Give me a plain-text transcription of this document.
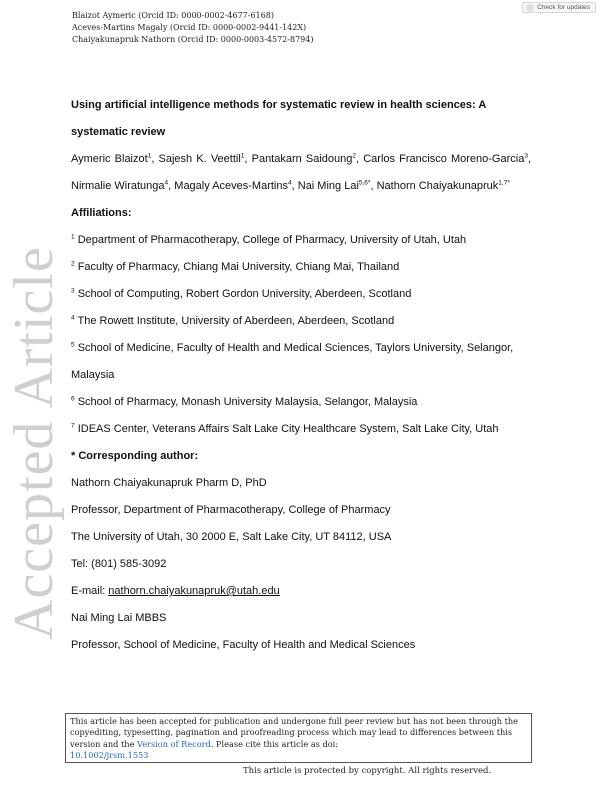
Check for updates
Blaizot Aymeric (Orcid ID: 0000-0002-4677-6168)
Aceves-Martins Magaly (Orcid ID: 0000-0002-9441-142X)
Chaiyakunapruk Nathorn (Orcid ID: 0000-0003-4572-8794)
Accepted Article

Using artificial intelligence methods for systematic review in health sciences: A systematic review

Aymeric Blaizot$^1$, Sajesh K. Veettil$^1$, Pantakarn Saidoung$^2$, Carlos Francisco Moreno-Garcia$^3$, Nirmalie Wiratunga$^4$, Magaly Aceves-Martins$^4$, Nai Ming Lai$^{5,6*}$, Nathorn Chaiyakunapruk$^{1,7*}$

Affiliations:

$^1$ Department of Pharmacotherapy, College of Pharmacy, University of Utah, Utah

$^2$ Faculty of Pharmacy, Chiang Mai University, Chiang Mai, Thailand

$^3$ School of Computing, Robert Gordon University, Aberdeen, Scotland

$^4$ The Rowett Institute, University of Aberdeen, Aberdeen, Scotland

$^5$ School of Medicine, Faculty of Health and Medical Sciences, Taylors University, Selangor, Malaysia

$^6$ School of Pharmacy, Monash University Malaysia, Selangor, Malaysia

$^7$ IDEAS Center, Veterans Affairs Salt Lake City Healthcare System, Salt Lake City, Utah

* Corresponding author:

Nathorn Chaiyakunapruk Pharm D, PhD

Professor, Department of Pharmacotherapy, College of Pharmacy

The University of Utah, 30 2000 E, Salt Lake City, UT 84112, USA

Tel: (801) 585-3092

E-mail: nathorn.chaiyakunapruk@utah.edu

Nai Ming Lai MBBS

Professor, School of Medicine, Faculty of Health and Medical Sciences

This article has been accepted for publication and undergone full peer review but has not been through the copyediting, typesetting, pagination and proofreading process which may lead to differences between this version and the Version of Record. Please cite this article as doi:
10.1002/jrsm.1553
This article is protected by copyright. All rights reserved.
